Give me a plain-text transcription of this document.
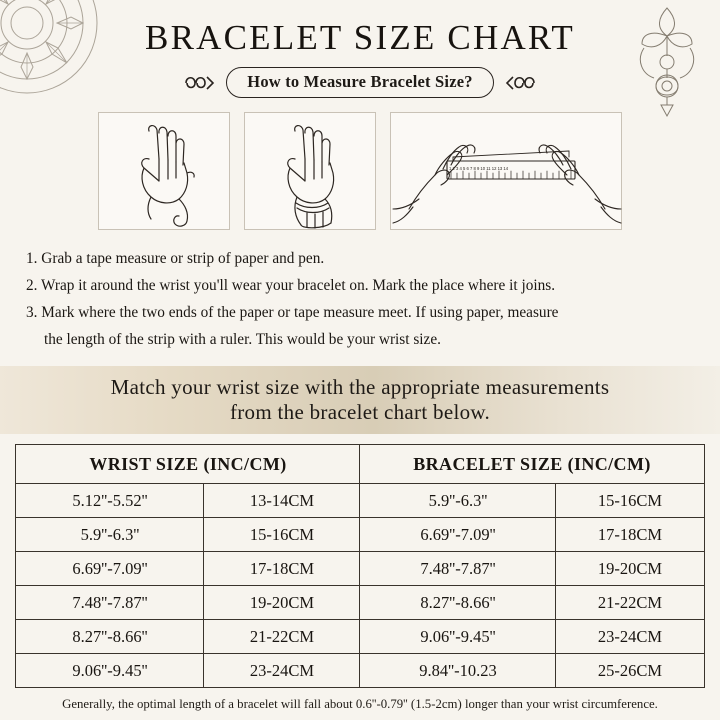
BRACELET SIZE CHART
How to Measure Bracelet Size?
1 2 3 4 5 6 7 8 9 10 11 12 13 14
1. Grab a tape measure or strip of paper and pen.
2. Wrap it around the wrist you'll wear your bracelet on. Mark the place where it joins.
3. Mark where the two ends of the paper or tape measure meet. If using paper, measure
the length of the strip with a ruler. This would be your wrist size.
Match your wrist size with the appropriate measurements
from the bracelet chart below.
WRIST SIZE (INC/CM)		BRACELET SIZE (INC/CM)	
5.12''-5.52''	13-14CM	5.9''-6.3''	15-16CM
5.9''-6.3''	15-16CM	6.69''-7.09''	17-18CM
6.69''-7.09''	17-18CM	7.48''-7.87''	19-20CM
7.48''-7.87''	19-20CM	8.27''-8.66''	21-22CM
8.27''-8.66''	21-22CM	9.06''-9.45''	23-24CM
9.06''-9.45''	23-24CM	9.84''-10.23	25-26CM
Generally, the optimal length of a bracelet will fall about 0.6''-0.79'' (1.5-2cm) longer than your wrist circumference.
